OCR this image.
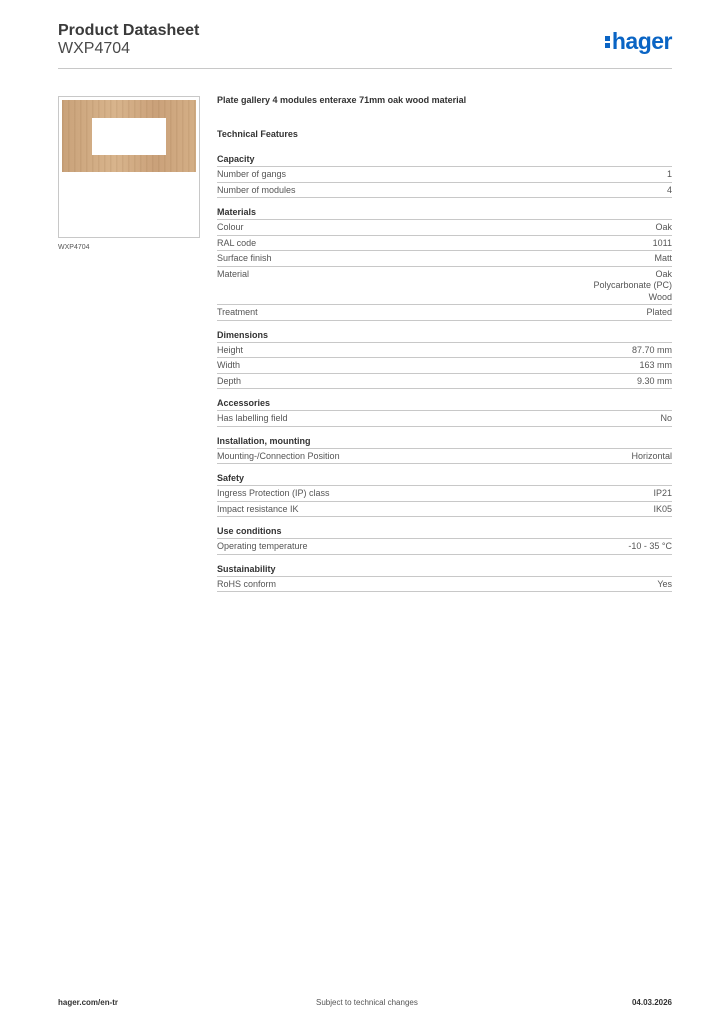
Product Datasheet
WXP4704	hager
WXP4704
Plate gallery 4 modules enteraxe 71mm oak wood material
Technical Features
Capacity
Number of gangs	1
Number of modules	4
Materials
Colour	Oak
RAL code	1011
Surface finish	Matt
Material	Oak
Polycarbonate (PC)
Wood
Treatment	Plated
Dimensions
Height	87.70 mm
Width	163 mm
Depth	9.30 mm
Accessories
Has labelling field	No
Installation, mounting
Mounting-/Connection Position	Horizontal
Safety
Ingress Protection (IP) class	IP21
Impact resistance IK	IK05
Use conditions
Operating temperature	-10 - 35 °C
Sustainability
RoHS conform	Yes
hager.com/en-tr	Subject to technical changes	04.03.2026
